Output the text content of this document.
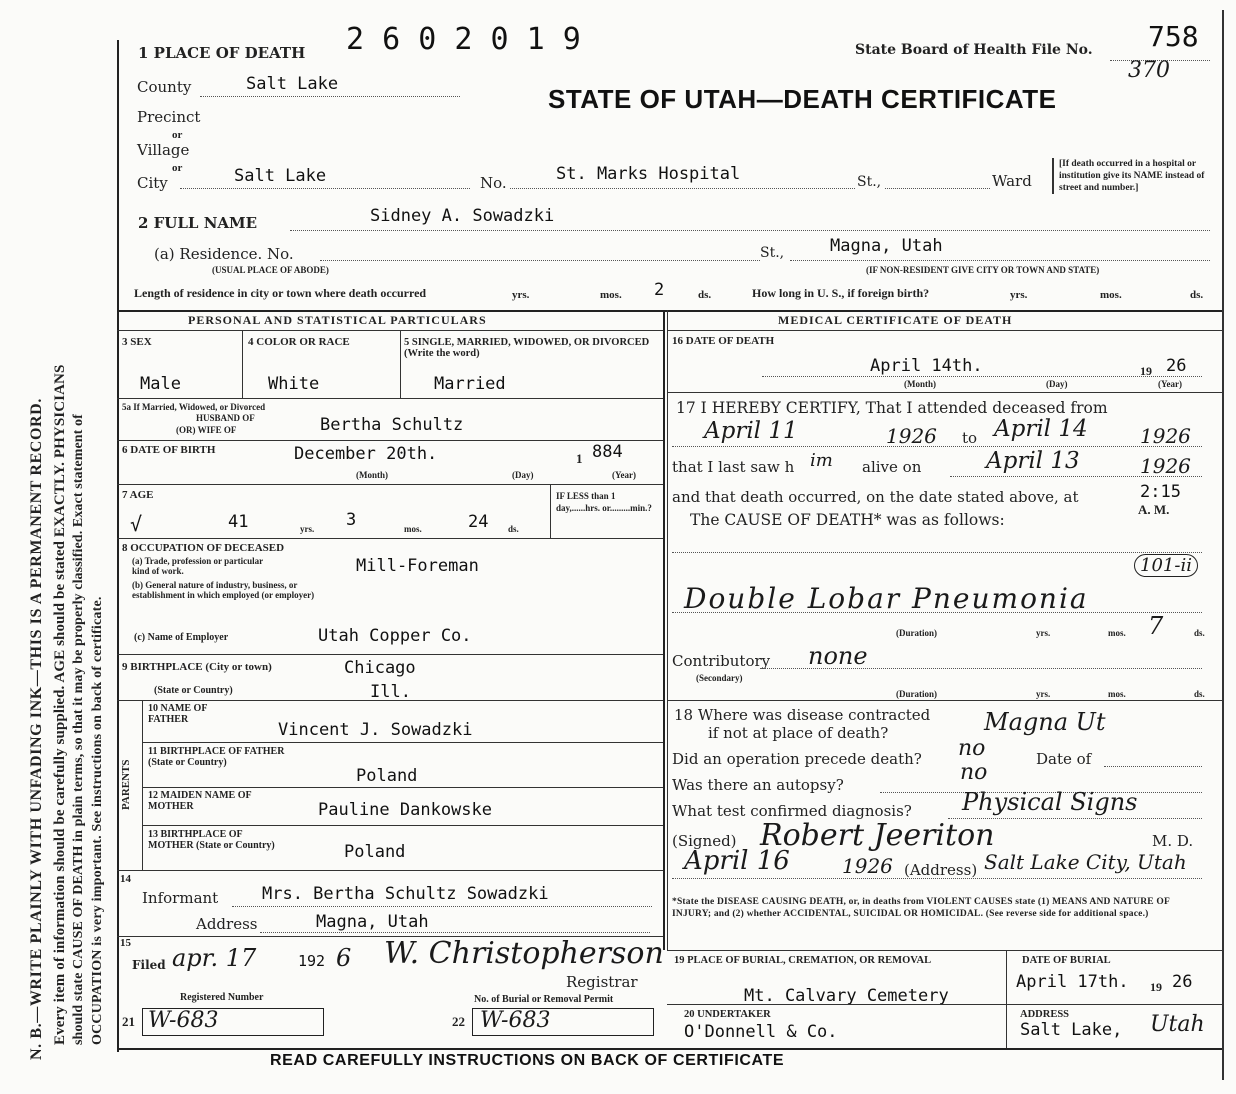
N. B.—WRITE PLAINLY WITH UNFADING INK—THIS IS A PERMANENT RECORD. Every item of information should be carefully supplied. AGE should be stated EXACTLY. PHYSICIANS should state CAUSE OF DEATH in plain terms, so that it may be properly classified. Exact statement of OCCUPATION is very important. See instructions on back of certificate.
1 PLACE OF DEATH 2 6 0 2 0 1 9	State Board of Health File No. 758
370
STATE OF UTAH—DEATH CERTIFICATE
County	Salt Lake
Precinct
or
Village
or
City	Salt Lake	No.	St. Marks Hospital	St.,	Ward
[If death occurred in a hospital or institution give its NAME instead of street and number.]
2 FULL NAME	Sidney A. Sowadzki
(a) Residence. No.
(USUAL PLACE OF ABODE)
St.,	Magna, Utah
(IF NON-RESIDENT GIVE CITY OR TOWN AND STATE)
Length of residence in city or town where death occurred	yrs.	mos. 2	ds.	How long in U. S., if foreign birth?	yrs.	mos.	ds.
PERSONAL AND STATISTICAL PARTICULARS
3 SEX
Male
4 COLOR OR RACE
White
5 SINGLE, MARRIED, WIDOWED, OR DIVORCED (Write the word)
Married
5a If Married, Widowed, or Divorced
HUSBAND OF
(OR) WIFE OF	Bertha Schultz
6 DATE OF BIRTH	December 20th.	1 884
(Month)	(Day)	(Year)
7 AGE
√	41	yrs. 3	mos.	24 ds.
IF LESS than 1 day,......hrs. or.........min.?
8 OCCUPATION OF DECEASED
(a) Trade, profession or particular kind of work.	Mill-Foreman
(b) General nature of industry, business, or establishment in which employed (or employer)
(c) Name of Employer	Utah Copper Co.
9 BIRTHPLACE (City or town)	Chicago
(State or Country)	Ill.
PARENTS
10 NAME OF FATHER
Vincent J. Sowadzki
11 BIRTHPLACE OF FATHER (State or Country)
Poland
12 MAIDEN NAME OF MOTHER	Pauline Dankowske
13 BIRTHPLACE OF MOTHER (State or Country)	Poland
14
Informant	Mrs. Bertha Schultz Sowadzki
Address	Magna, Utah
15
Filed apr. 17	192 6 W. Christopherson
Registrar
Registered Number	No. of Burial or Removal Permit
21 W-683	22 W-683
MEDICAL CERTIFICATE OF DEATH
16 DATE OF DEATH
April 14th.	19 26
(Month)	(Day)	(Year)
17 I HEREBY CERTIFY, That I attended deceased from
April 11	1926 to April 14	1926
that I last saw h im alive on	April 13	1926
and that death occurred, on the date stated above, at	2:15
A. M.
The CAUSE OF DEATH* was as follows:
101-ii
Double Lobar Pneumonia
(Duration)	yrs.	mos. 7	ds.
Contributory
(Secondary)
none
(Duration)	yrs.	mos.	ds.
18 Where was disease contracted
if not at place of death?	Magna Ut
Did an operation precede death? no	Date of
Was there an autopsy?	no
What test confirmed diagnosis? Physical Signs
(Signed) Robert Jeeriton	M. D.
April 16	1926 (Address) Salt Lake City, Utah
*State the DISEASE CAUSING DEATH, or, in deaths from VIOLENT CAUSES state (1) MEANS AND NATURE OF INJURY; and (2) whether ACCIDENTAL, SUICIDAL OR HOMICIDAL. (See reverse side for additional space.)
19 PLACE OF BURIAL, CREMATION, OR REMOVAL
Mt. Calvary Cemetery
DATE OF BURIAL
April 17th. 19 26
20 UNDERTAKER
O'Donnell & Co.
ADDRESS
Salt Lake, Utah
READ CAREFULLY INSTRUCTIONS ON BACK OF CERTIFICATE
